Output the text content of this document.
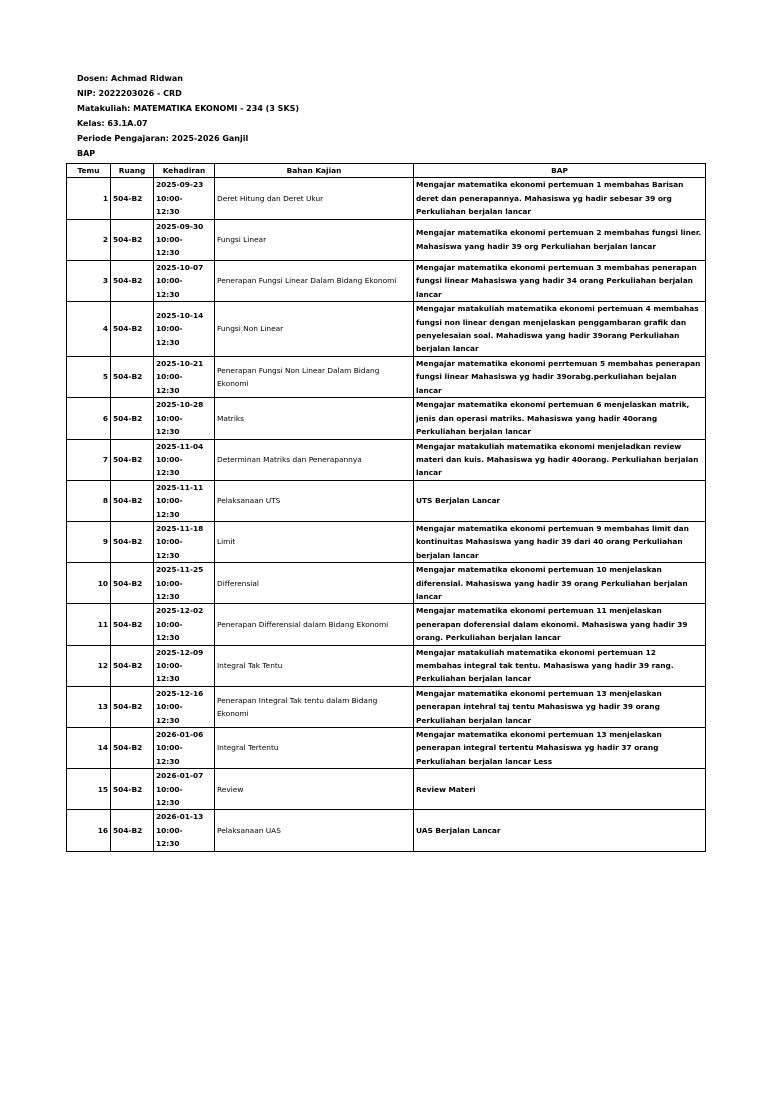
Dosen: Achmad Ridwan
NIP: 2022203026 - CRD
Matakuliah: MATEMATIKA EKONOMI - 234 (3 SKS)
Kelas: 63.1A.07
Periode Pengajaran: 2025-2026 Ganjil
BAP
Temu	Ruang	Kehadiran	Bahan Kajian	BAP
1	504-B2	2025-09-23
10:00-
12:30	Deret Hitung dan Deret Ukur	Mengajar matematika ekonomi pertemuan 1 membahas Barisan deret dan penerapannya. Mahasiswa yg hadir sebesar 39 org Perkuliahan berjalan lancar
2	504-B2	2025-09-30
10:00-
12:30	Fungsi Linear	Mengajar matematika ekonomi pertemuan 2 membahas fungsi liner. Mahasiswa yang hadir 39 org Perkuliahan berjalan lancar
3	504-B2	2025-10-07
10:00-
12:30	Penerapan Fungsi Linear Dalam Bidang Ekonomi	Mengajar matematika ekonomi pertemuan 3 membahas penerapan fungsi linear Mahasiswa yang hadir 34 orang Perkuliahan berjalan lancar
4	504-B2	2025-10-14
10:00-
12:30	Fungsi Non Linear	Mengajar matakuliah matematika ekonomi pertemuan 4 membahas fungsi non linear dengan menjelaskan penggambaran grafik dan penyelesaian soal. Mahadiswa yang hadir 39orang Perkuliahan berjalan lancar
5	504-B2	2025-10-21
10:00-
12:30	Penerapan Fungsi Non Linear Dalam Bidang Ekonomi	Mengajar matematika ekonomi perrtemuan 5 membahas penerapan fungsi linear Mahasiswa yg hadir 39orabg.perkuliahan bejalan lancar
6	504-B2	2025-10-28
10:00-
12:30	Matriks	Mengajar matematika ekonomi pertemuan 6 menjelaskan matrik, jenis dan operasi matriks. Mahasiswa yang hadir 40orang Perkuliahan berjalan lancar
7	504-B2	2025-11-04
10:00-
12:30	Determinan Matriks dan Penerapannya	Mengajar matakuliah matematika ekonomi menjeladkan review materi dan kuis. Mahasiswa yg hadir 40orang. Perkuliahan berjalan lancar
8	504-B2	2025-11-11
10:00-
12:30	Pelaksanaan UTS	UTS Berjalan Lancar
9	504-B2	2025-11-18
10:00-
12:30	Limit	Mengajar matematika ekonomi pertemuan 9 membahas limit dan kontinuitas Mahasiswa yang hadir 39 dari 40 orang Perkuliahan berjalan lancar
10	504-B2	2025-11-25
10:00-
12:30	Differensial	Mengajar matematika ekonomi pertemuan 10 menjelaskan diferensial. Mahasiswa yang hadir 39 orang Perkuliahan berjalan lancar
11	504-B2	2025-12-02
10:00-
12:30	Penerapan Differensial dalam Bidang Ekonomi	Mengajar matematika ekonomi pertemuan 11 menjelaskan penerapan doferensial dalam ekonomi. Mahasiswa yang hadir 39 orang. Perkuliahan berjalan lancar
12	504-B2	2025-12-09
10:00-
12:30	Integral Tak Tentu	Mengajar matakuliah matematika ekonomi pertemuan 12 membahas integral tak tentu. Mahasiswa yang hadir 39 rang. Perkuliahan berjalan lancar
13	504-B2	2025-12-16
10:00-
12:30	Penerapan Integral Tak tentu dalam Bidang Ekonomi	Mengajar matematika ekonomi pertemuan 13 menjelaskan penerapan intehral taj tentu Mahasiswa yg hadir 39 orang Perkuliahan berjalan lancar
14	504-B2	2026-01-06
10:00-
12:30	Integral Tertentu	Mengajar matematika ekonomi pertemuan 13 menjelaskan penerapan integral tertentu Mahasiswa yg hadir 37 orang Perkuliahan berjalan lancar Less
15	504-B2	2026-01-07
10:00-
12:30	Review	Review Materi
16	504-B2	2026-01-13
10:00-
12:30	Pelaksanaan UAS	UAS Berjalan Lancar
